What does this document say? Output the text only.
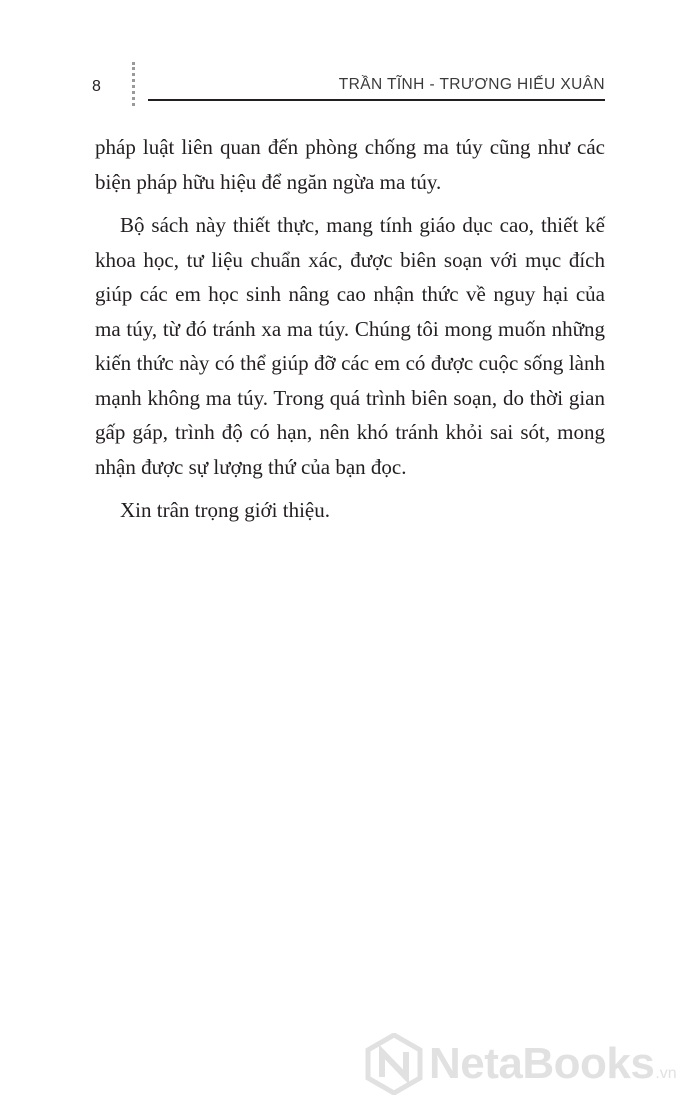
8	TRẦN TĨNH - TRƯƠNG HIẾU XUÂN

pháp luật liên quan đến phòng chống ma túy cũng như các biện pháp hữu hiệu để ngăn ngừa ma túy.

Bộ sách này thiết thực, mang tính giáo dục cao, thiết kế khoa học, tư liệu chuẩn xác, được biên soạn với mục đích giúp các em học sinh nâng cao nhận thức về nguy hại của ma túy, từ đó tránh xa ma túy. Chúng tôi mong muốn những kiến thức này có thể giúp đỡ các em có được cuộc sống lành mạnh không ma túy. Trong quá trình biên soạn, do thời gian gấp gáp, trình độ có hạn, nên khó tránh khỏi sai sót, mong nhận được sự lượng thứ của bạn đọc.

Xin trân trọng giới thiệu.

NetaBooks .vn
